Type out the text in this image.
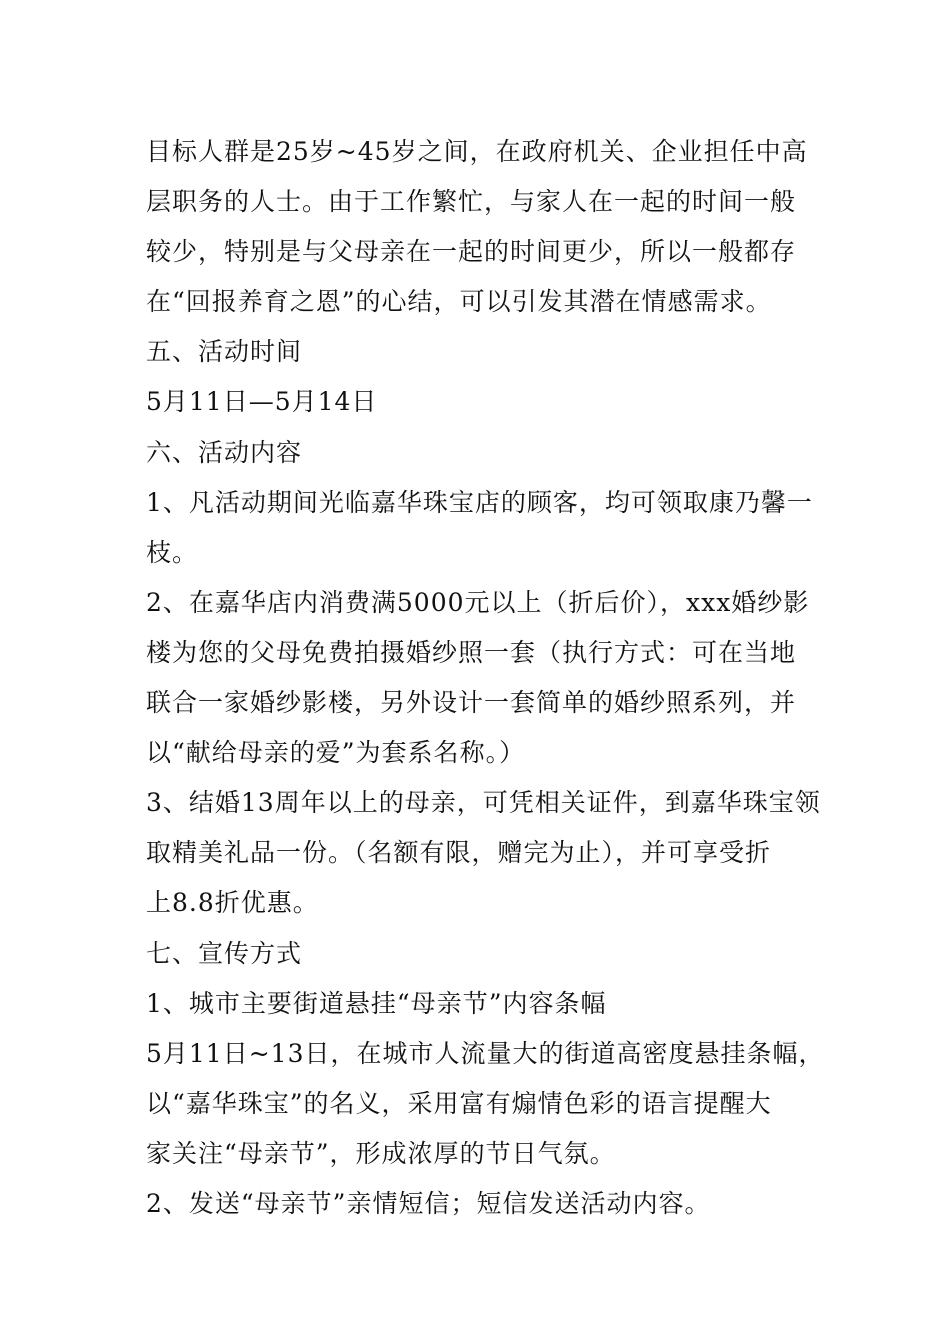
目标人群是25岁~45岁之间，在政府机关、企业担任中高
层职务的人士。由于工作繁忙，与家人在一起的时间一般
较少，特别是与父母亲在一起的时间更少，所以一般都存
在“回报养育之恩”的心结，可以引发其潜在情感需求。
五、活动时间
5月11日—5月14日
六、活动内容
1、凡活动期间光临嘉华珠宝店的顾客，均可领取康乃馨一
枝。
2、在嘉华店内消费满5000元以上（折后价），xxx婚纱影
楼为您的父母免费拍摄婚纱照一套（执行方式：可在当地
联合一家婚纱影楼，另外设计一套简单的婚纱照系列，并
以“献给母亲的爱”为套系名称。）
3、结婚13周年以上的母亲，可凭相关证件，到嘉华珠宝领
取精美礼品一份。（名额有限，赠完为止），并可享受折
上8.8折优惠。
七、宣传方式
1、城市主要街道悬挂“母亲节”内容条幅
5月11日~13日，在城市人流量大的街道高密度悬挂条幅，
以“嘉华珠宝”的名义，采用富有煽情色彩的语言提醒大
家关注“母亲节”，形成浓厚的节日气氛。
2、发送“母亲节”亲情短信；短信发送活动内容。
